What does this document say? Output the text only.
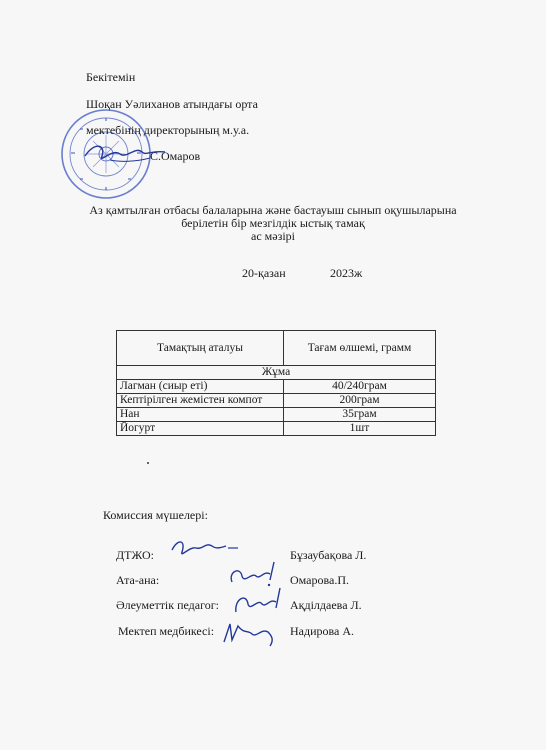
Бекітемін
Шоқан Уәлиханов атындағы орта
мектебінің директорының м.у.а.
С.Омаров
Аз қамтылған отбасы балаларына және бастауыш сынып оқушыларына
берілетін бір мезгілдік ыстық тамақ
ас мәзірі
20-қазан	2023ж
Тамақтың аталуы	Тағам өлшемі, грамм
Жұма	
Лагман (сиыр еті)	40/240грам
Кептірілген жемістен компот	200грам
Нан	35грам
Йогурт	1шт
Комиссия мүшелері:
ДТЖО:	Бұзаубақова Л.
Ата-ана:	Омарова.П.
Әлеуметтік педагог:	Ақділдаева Л.
Мектеп медбикесі:	Надирова А.
